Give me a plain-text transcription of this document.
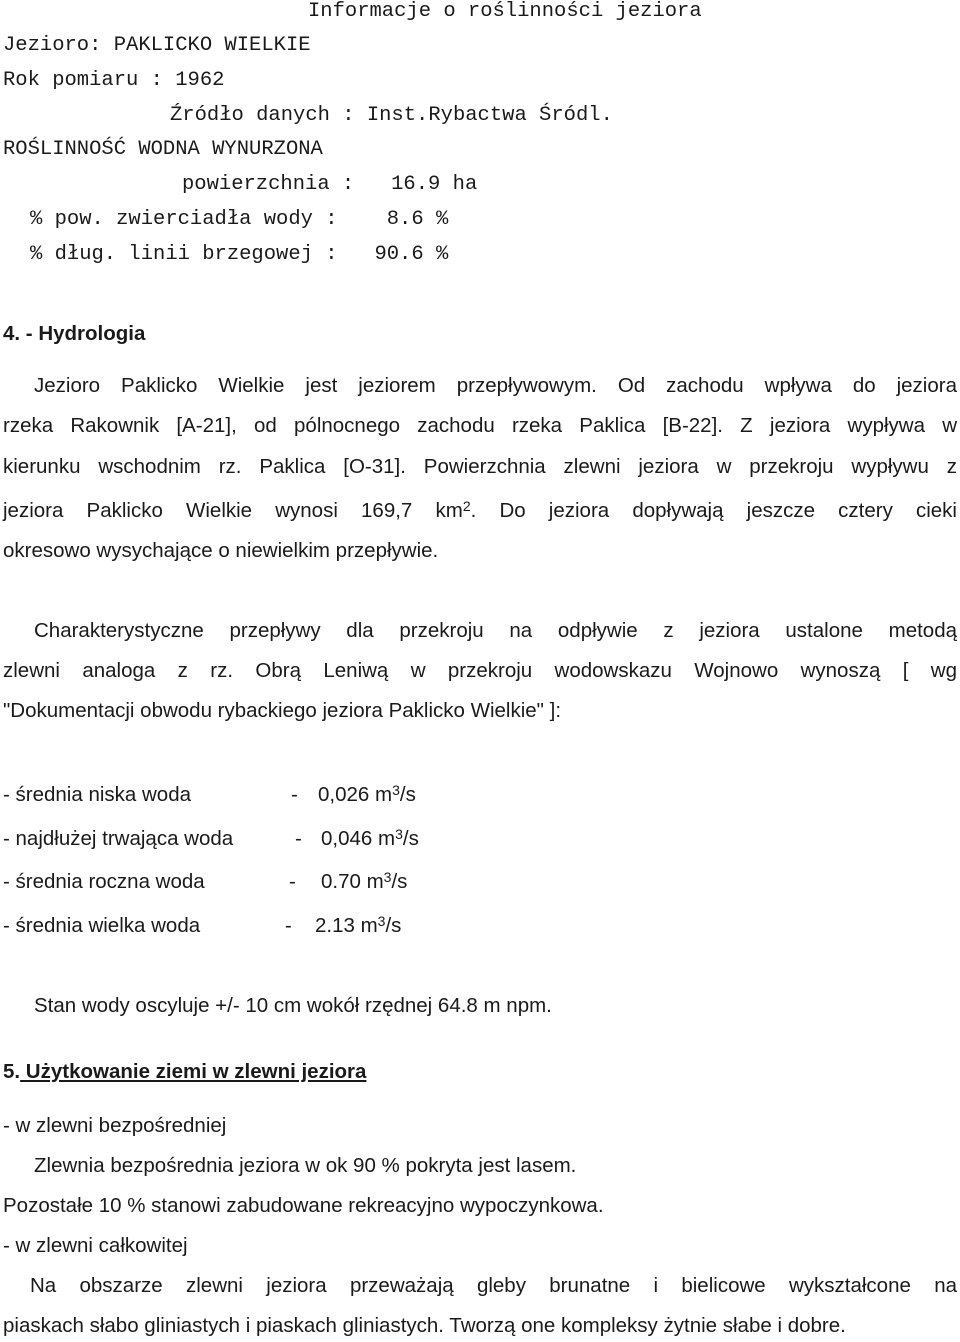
Informacje o roślinności jeziora
Jezioro: PAKLICKO WIELKIE
Rok pomiaru : 1962
Źródło danych : Inst.Rybactwa Śródl.
ROŚLINNOŚĆ WODNA WYNURZONA
powierzchnia :   16.9 ha
% pow. zwierciadła wody :    8.6 %
% dług. linii brzegowej :   90.6 %
4. - Hydrologia
Jezioro Paklicko Wielkie jest jeziorem przepływowym. Od zachodu wpływa do jeziora
rzeka Rakownik [A-21], od pólnocnego zachodu rzeka Paklica [B-22]. Z jeziora wypływa w
kierunku wschodnim rz. Paklica [O-31]. Powierzchnia zlewni jeziora w przekroju wypływu z
jeziora Paklicko Wielkie wynosi 169,7 $km^2$. Do jeziora dopływają jeszcze cztery cieki
okresowo wysychające o niewielkim przepływie.
Charakterystyczne przepływy dla przekroju na odpływie z jeziora ustalone metodą
zlewni analoga z rz. Obrą Leniwą w przekroju wodowskazu Wojnowo wynoszą [ wg
"Dokumentacji obwodu rybackiego jeziora Paklicko Wielkie" ]:
- średnia niska woda	- 0,026 $m^3/s$
- najdłużej trwająca woda	- 0,046 $m^3/s$
- średnia roczna woda	- 0.70 $m^3/s$
- średnia wielka woda	- 2.13 $m^3/s$
Stan wody oscyluje +/- 10 cm wokół rzędnej 64.8 m npm.
5. Użytkowanie ziemi w zlewni jeziora
- w zlewni bezpośredniej
Zlewnia bezpośrednia jeziora w ok 90 % pokryta jest lasem.
Pozostałe 10 % stanowi zabudowane rekreacyjno wypoczynkowa.
- w zlewni całkowitej
Na obszarze zlewni jeziora przeważają gleby brunatne i bielicowe wykształcone na
piaskach słabo gliniastych i piaskach gliniastych. Tworzą one kompleksy żytnie słabe i dobre.
